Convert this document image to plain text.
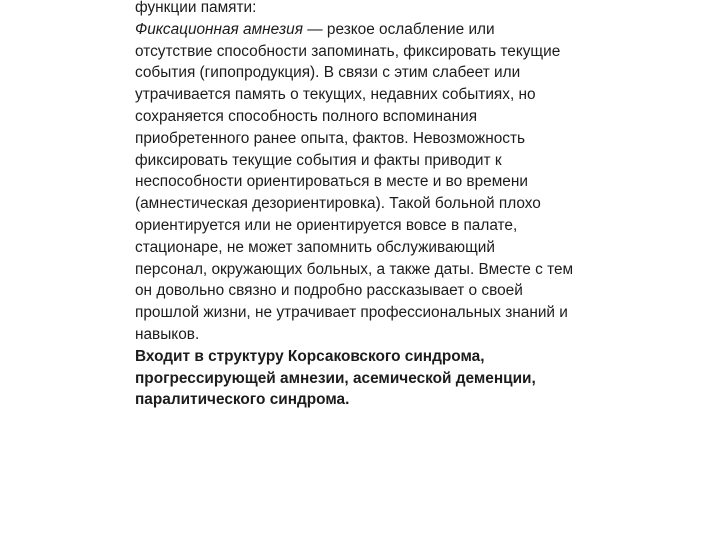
функции памяти:

Фиксационная амнезия — резкое ослабление или
отсутствие способности запоминать, фиксировать текущие
события (гипопродукция). В связи с этим слабеет или
утрачивается память о текущих, недавних событиях, но
сохраняется способность полного вспоминания
приобретенного ранее опыта, фактов. Невозможность
фиксировать текущие события и факты приводит к
неспособности ориентироваться в месте и во времени
(амнестическая дезориентировка). Такой больной плохо
ориентируется или не ориентируется вовсе в палате,
стационаре, не может запомнить обслуживающий
персонал, окружающих больных, а также даты. Вместе с тем
он довольно связно и подробно рассказывает о своей
прошлой жизни, не утрачивает профессиональных знаний и
навыков.

Входит в структуру Корсаковского синдрома,
прогрессирующей амнезии, асемической деменции,
паралитического синдрома.
